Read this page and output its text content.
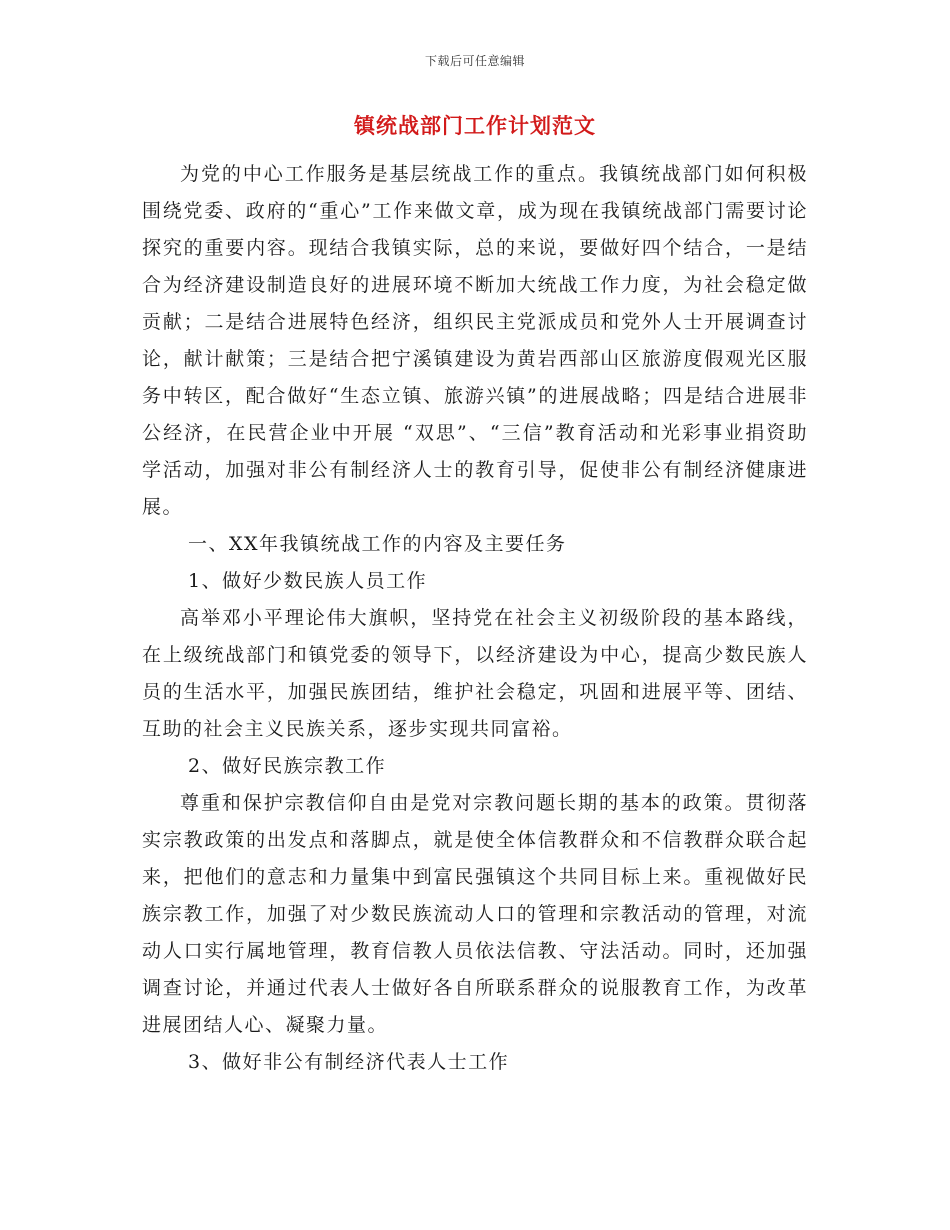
下载后可任意编辑
镇统战部门工作计划范文

为党的中心工作服务是基层统战工作的重点。我镇统战部门如何积极围绕党委、政府的“重心”工作来做文章，成为现在我镇统战部门需要讨论探究的重要内容。现结合我镇实际，总的来说，要做好四个结合，一是结合为经济建设制造良好的进展环境不断加大统战工作力度，为社会稳定做贡献；二是结合进展特色经济，组织民主党派成员和党外人士开展调查讨论，献计献策；三是结合把宁溪镇建设为黄岩西部山区旅游度假观光区服务中转区，配合做好“生态立镇、旅游兴镇”的进展战略；四是结合进展非公经济，在民营企业中开展 “双思”、“三信”教育活动和光彩事业捐资助学活动，加强对非公有制经济人士的教育引导，促使非公有制经济健康进展。

一、XX年我镇统战工作的内容及主要任务

1、做好少数民族人员工作

高举邓小平理论伟大旗帜，坚持党在社会主义初级阶段的基本路线，在上级统战部门和镇党委的领导下，以经济建设为中心，提高少数民族人员的生活水平，加强民族团结，维护社会稳定，巩固和进展平等、团结、互助的社会主义民族关系，逐步实现共同富裕。

2、做好民族宗教工作

尊重和保护宗教信仰自由是党对宗教问题长期的基本的政策。贯彻落实宗教政策的出发点和落脚点，就是使全体信教群众和不信教群众联合起来，把他们的意志和力量集中到富民强镇这个共同目标上来。重视做好民族宗教工作，加强了对少数民族流动人口的管理和宗教活动的管理，对流动人口实行属地管理，教育信教人员依法信教、守法活动。同时，还加强调查讨论，并通过代表人士做好各自所联系群众的说服教育工作，为改革进展团结人心、凝聚力量。

3、做好非公有制经济代表人士工作
